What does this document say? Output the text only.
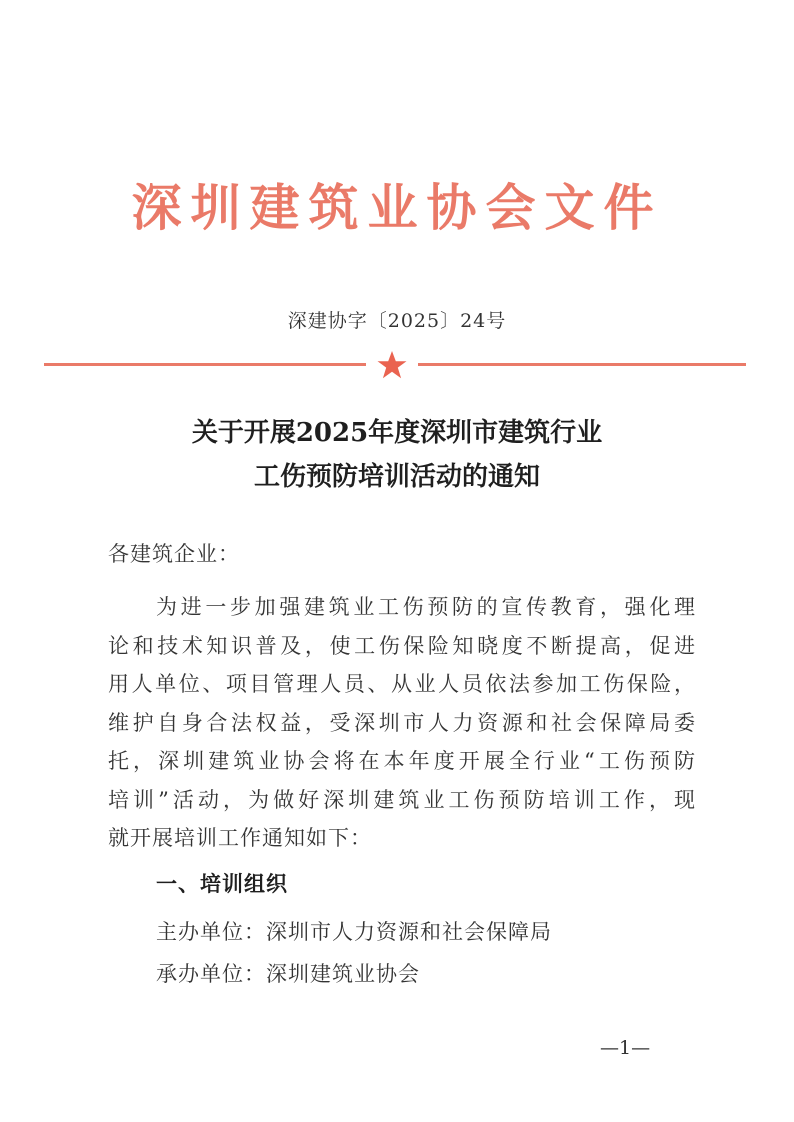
深圳建筑业协会文件
深建协字〔2025〕24号
关于开展2025年度深圳市建筑行业
工伤预防培训活动的通知
各建筑企业：
为进一步加强建筑业工伤预防的宣传教育，强化理
论和技术知识普及，使工伤保险知晓度不断提高，促进
用人单位、项目管理人员、从业人员依法参加工伤保险，
维护自身合法权益，受深圳市人力资源和社会保障局委
托，深圳建筑业协会将在本年度开展全行业“工伤预防
培训”活动，为做好深圳建筑业工伤预防培训工作，现
就开展培训工作通知如下：
一、培训组织
主办单位：深圳市人力资源和社会保障局
承办单位：深圳建筑业协会
—1—
